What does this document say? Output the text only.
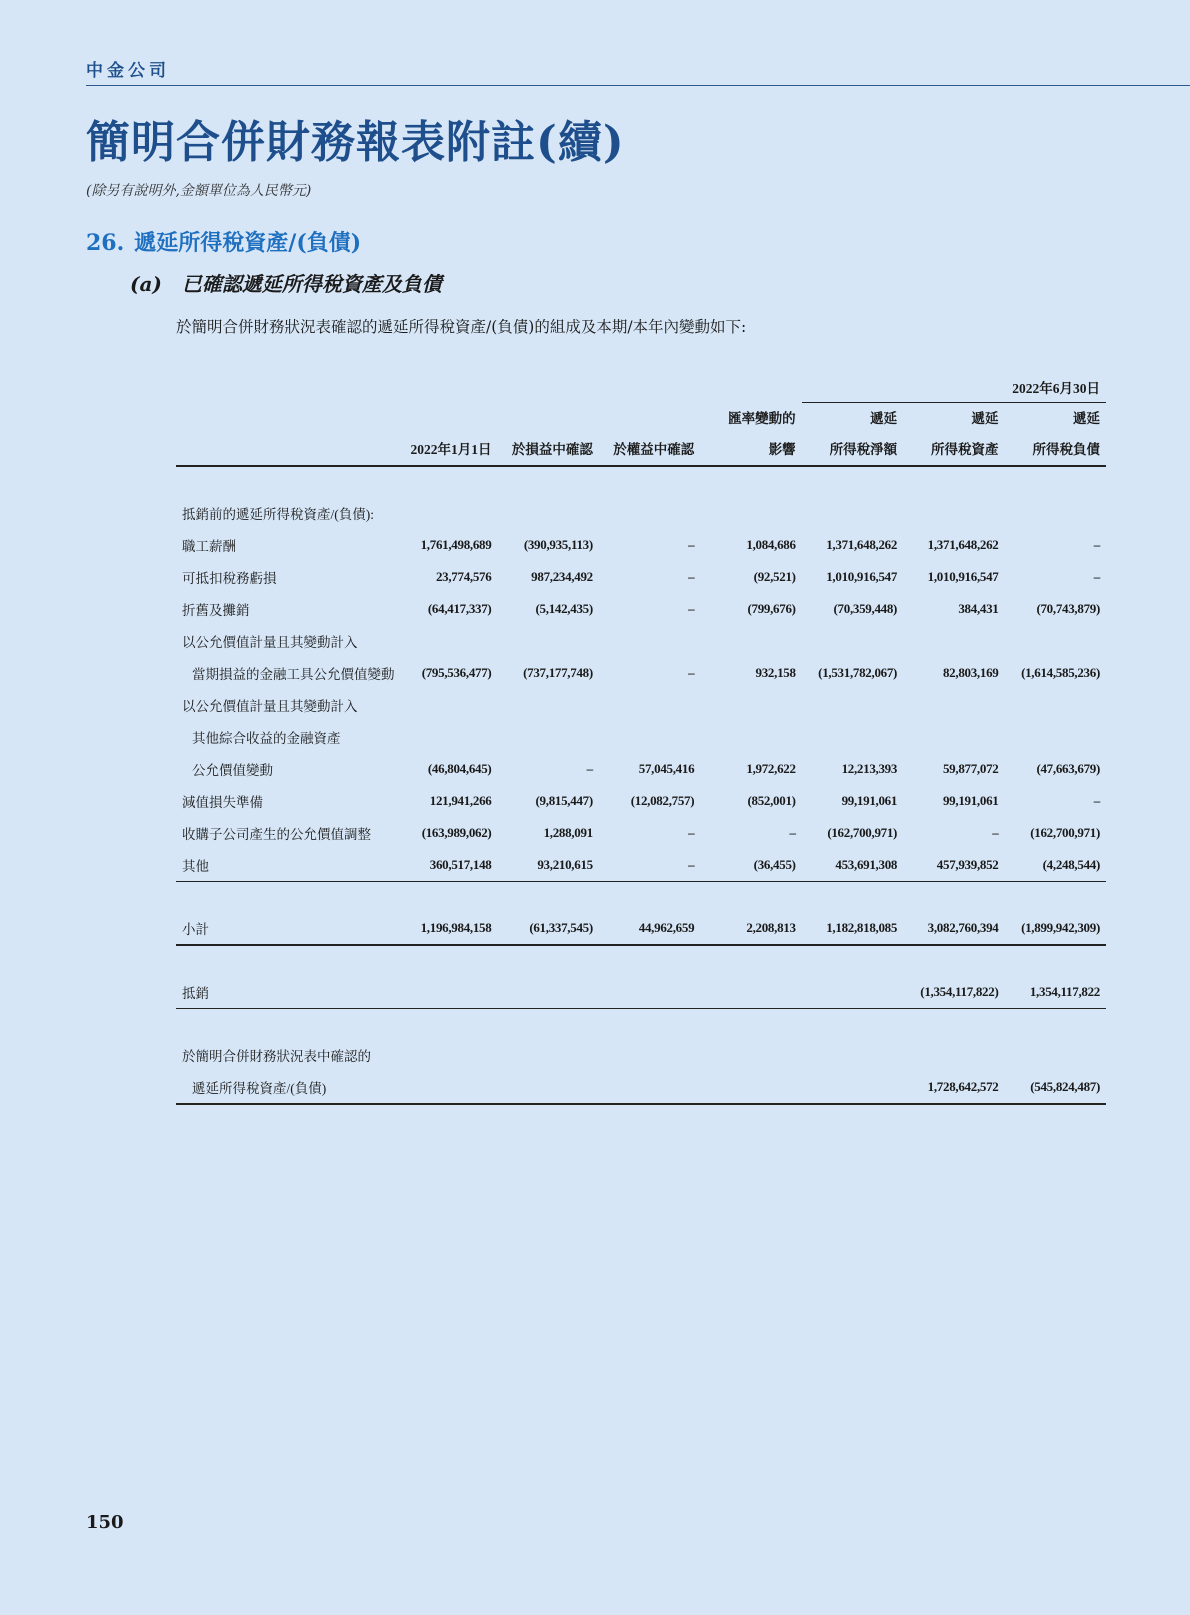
中金公司
簡明合併財務報表附註(續)
(除另有說明外,金額單位為人民幣元)
26. 遞延所得稅資產/(負債)
(a) 已確認遞延所得稅資產及負債
於簡明合併財務狀況表確認的遞延所得稅資產/(負債)的組成及本期/本年內變動如下:
					2022年6月30日		
				匯率變動的	遞延	遞延	遞延
	2022年1月1日	於損益中確認	於權益中確認	影響	所得稅淨額	所得稅資產	所得稅負債

抵銷前的遞延所得稅資產/(負債):							
職工薪酬	1,761,498,689	(390,935,113)	–	1,084,686	1,371,648,262	1,371,648,262	–
可抵扣稅務虧損	23,774,576	987,234,492	–	(92,521)	1,010,916,547	1,010,916,547	–
折舊及攤銷	(64,417,337)	(5,142,435)	–	(799,676)	(70,359,448)	384,431	(70,743,879)
以公允價值計量且其變動計入							
當期損益的金融工具公允價值變動	(795,536,477)	(737,177,748)	–	932,158	(1,531,782,067)	82,803,169	(1,614,585,236)
以公允價值計量且其變動計入							
其他綜合收益的金融資產							
公允價值變動	(46,804,645)	–	57,045,416	1,972,622	12,213,393	59,877,072	(47,663,679)
減值損失準備	121,941,266	(9,815,447)	(12,082,757)	(852,001)	99,191,061	99,191,061	–
收購子公司產生的公允價值調整	(163,989,062)	1,288,091	–	–	(162,700,971)	–	(162,700,971)
其他	360,517,148	93,210,615	–	(36,455)	453,691,308	457,939,852	(4,248,544)

小計	1,196,984,158	(61,337,545)	44,962,659	2,208,813	1,182,818,085	3,082,760,394	(1,899,942,309)

抵銷						(1,354,117,822)	1,354,117,822

於簡明合併財務狀況表中確認的							
遞延所得稅資產/(負債)						1,728,642,572	(545,824,487)
150
